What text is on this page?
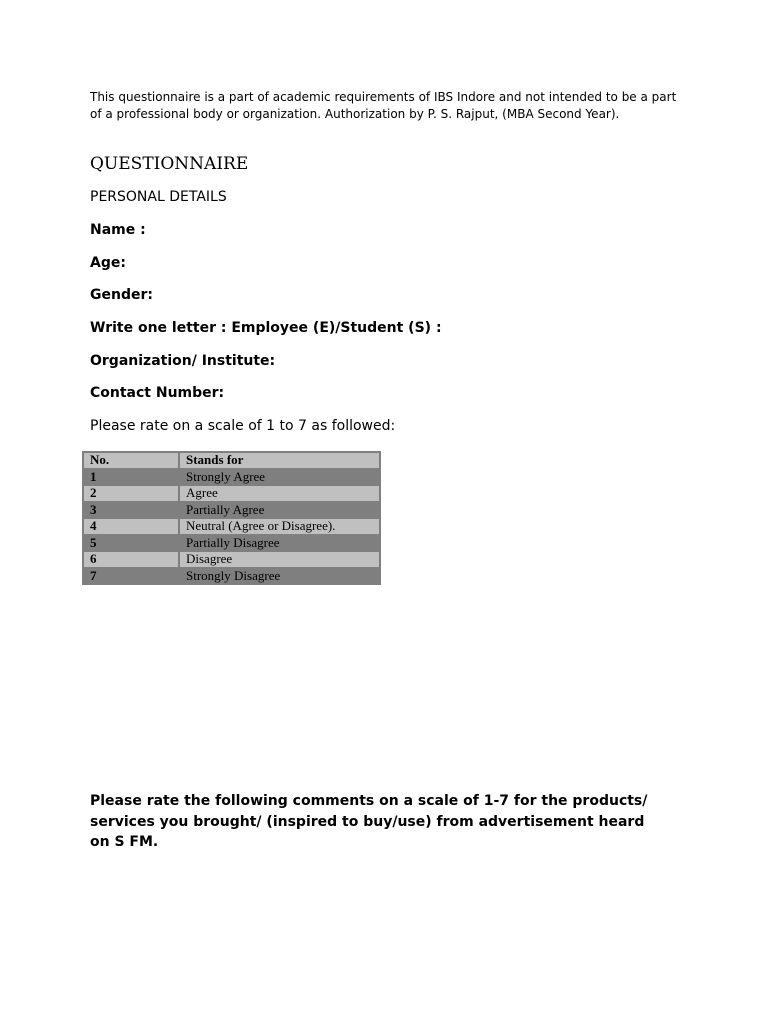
This questionnaire is a part of academic requirements of IBS Indore and not intended to be a part of a professional body or organization. Authorization by P. S. Rajput, (MBA Second Year).
QUESTIONNAIRE
PERSONAL DETAILS
Name :
Age:
Gender:
Write one letter : Employee (E)/Student (S) :
Organization/ Institute:
Contact Number:
Please rate on a scale of 1 to 7 as followed:
No.	Stands for
1	Strongly Agree
2	Agree
3	Partially Agree
4	Neutral (Agree or Disagree).
5	Partially Disagree
6	Disagree
7	Strongly Disagree
Please rate the following comments on a scale of 1-7 for the products/ services you brought/ (inspired to buy/use) from advertisement heard on S FM.
